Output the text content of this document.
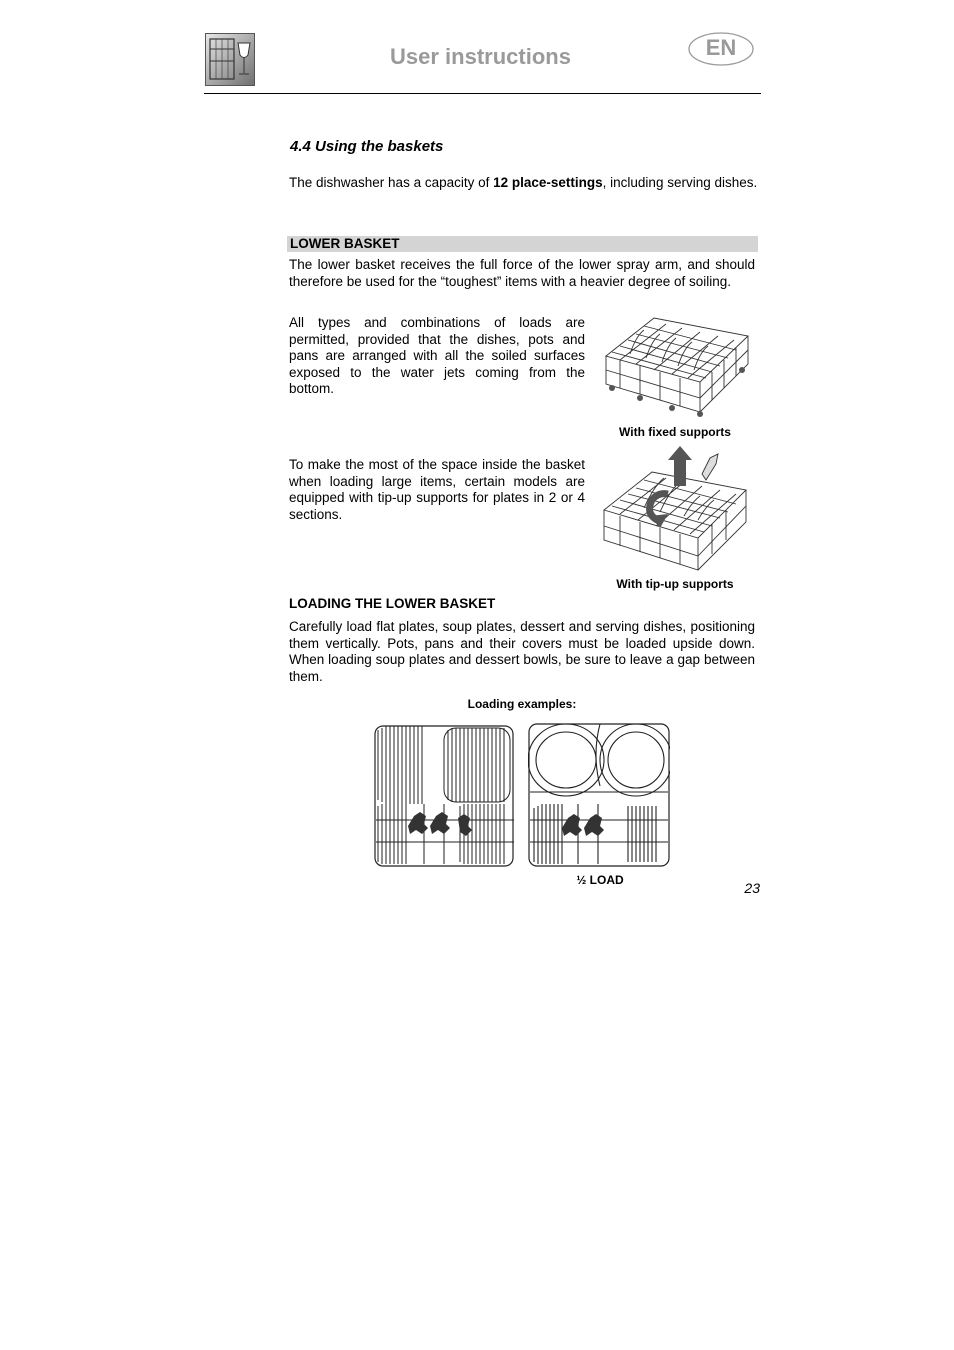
User instructions	EN
4.4 Using the baskets

The dishwasher has a capacity of 12 place-settings, including serving dishes.

LOWER BASKET

The lower basket receives the full force of the lower spray arm, and should therefore be used for the “toughest” items with a heavier degree of soiling.

All types and combinations of loads are permitted, provided that the dishes, pots and pans are arranged with all the soiled surfaces exposed to the water jets coming from the bottom.

With fixed supports

To make the most of the space inside the basket when loading large items, certain models are equipped with tip-up supports for plates in 2 or 4 sections.

With tip-up supports
LOADING THE LOWER BASKET

Carefully load flat plates, soup plates, dessert and serving dishes, positioning them vertically. Pots, pans and their covers must be loaded upside down. When loading soup plates and dessert bowls, be sure to leave a gap between them.

Loading examples:
½ LOAD	23
